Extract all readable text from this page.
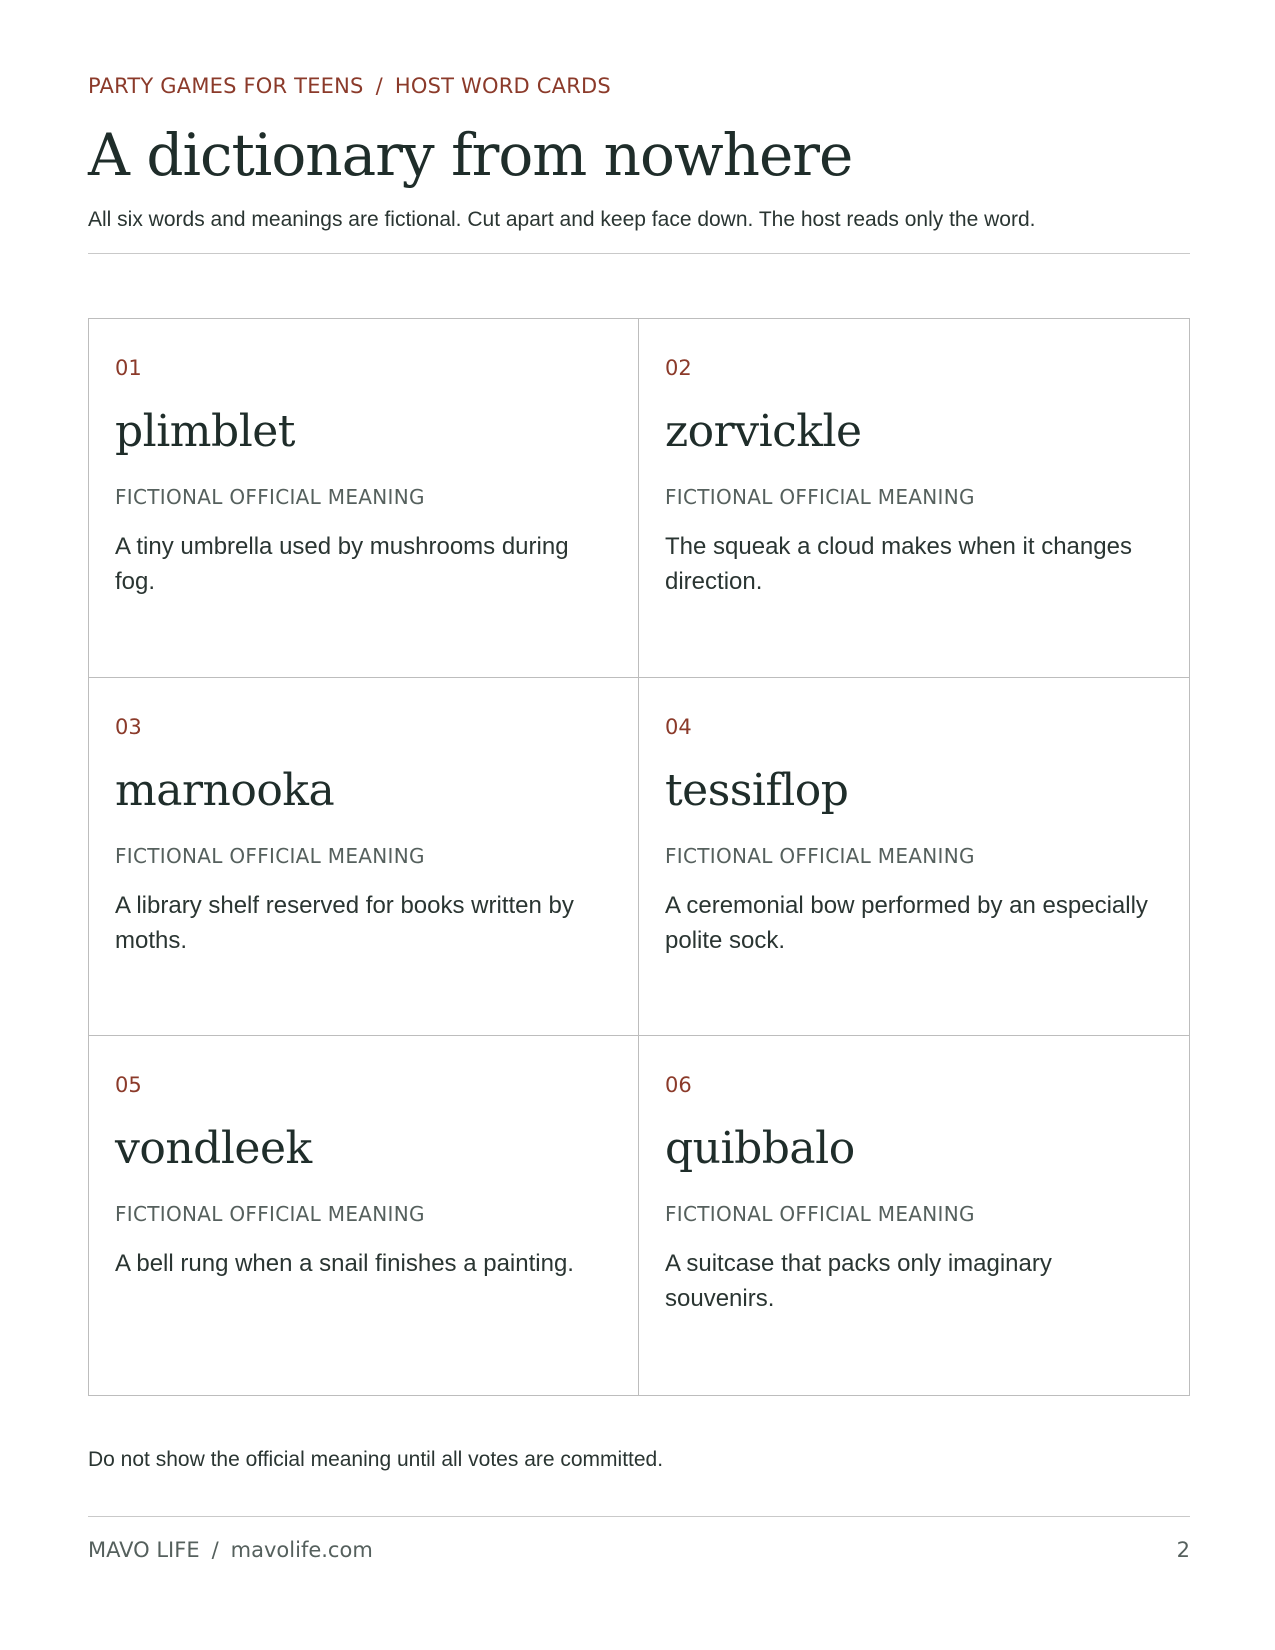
PARTY GAMES FOR TEENS / HOST WORD CARDS
A dictionary from nowhere
All six words and meanings are fictional. Cut apart and keep face down. The host reads only the word.
01
plimblet
FICTIONAL OFFICIAL MEANING
A tiny umbrella used by mushrooms during fog.
02
zorvickle
FICTIONAL OFFICIAL MEANING
The squeak a cloud makes when it changes direction.
03
marnooka
FICTIONAL OFFICIAL MEANING
A library shelf reserved for books written by moths.
04
tessiflop
FICTIONAL OFFICIAL MEANING
A ceremonial bow performed by an especially polite sock.
05
vondleek
FICTIONAL OFFICIAL MEANING
A bell rung when a snail finishes a painting.
06
quibbalo
FICTIONAL OFFICIAL MEANING
A suitcase that packs only imaginary souvenirs.
Do not show the official meaning until all votes are committed.
MAVO LIFE / mavolife.com	2
